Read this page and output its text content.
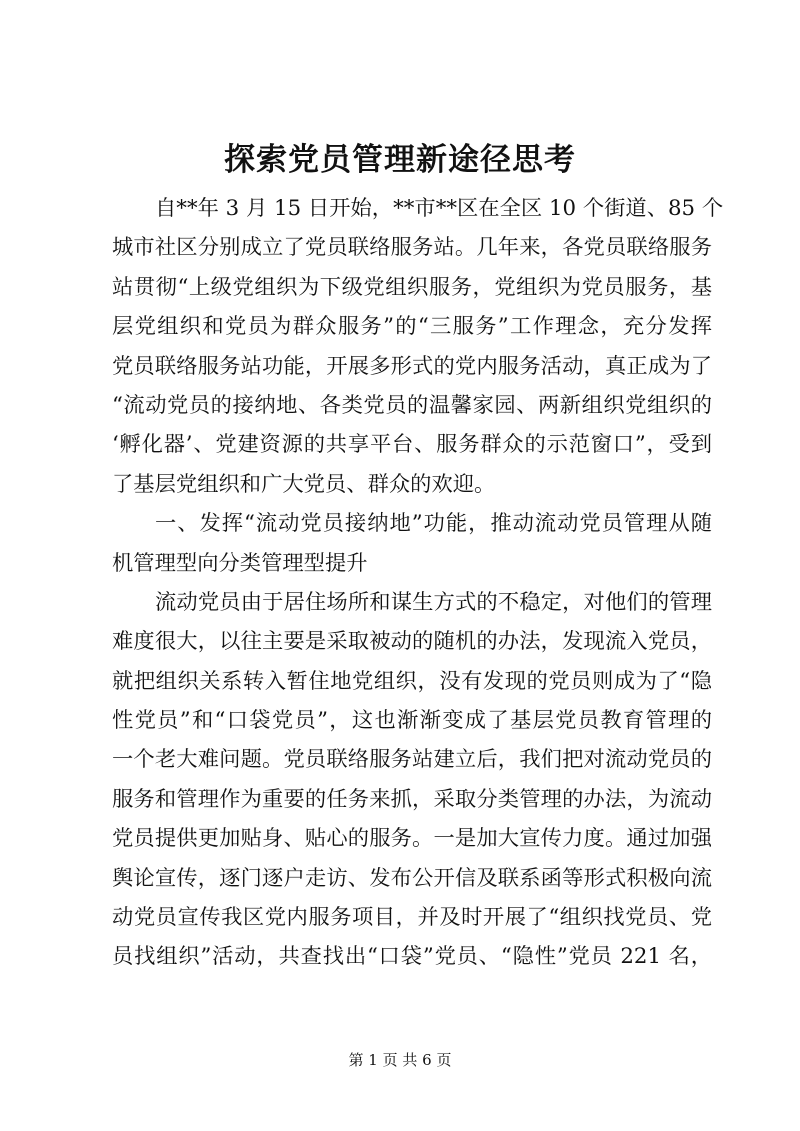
探索党员管理新途径思考
自**年 3 月 15 日开始，**市**区在全区 10 个街道、85 个
城市社区分别成立了党员联络服务站。几年来，各党员联络服务
站贯彻“上级党组织为下级党组织服务，党组织为党员服务，基
层党组织和党员为群众服务”的“三服务”工作理念，充分发挥
党员联络服务站功能，开展多形式的党内服务活动，真正成为了
“流动党员的接纳地、各类党员的温馨家园、两新组织党组织的
‘孵化器’、党建资源的共享平台、服务群众的示范窗口”，受到
了基层党组织和广大党员、群众的欢迎。
一、发挥“流动党员接纳地”功能，推动流动党员管理从随
机管理型向分类管理型提升
流动党员由于居住场所和谋生方式的不稳定，对他们的管理
难度很大，以往主要是采取被动的随机的办法，发现流入党员，
就把组织关系转入暂住地党组织，没有发现的党员则成为了“隐
性党员”和“口袋党员”，这也渐渐变成了基层党员教育管理的
一个老大难问题。党员联络服务站建立后，我们把对流动党员的
服务和管理作为重要的任务来抓，采取分类管理的办法，为流动
党员提供更加贴身、贴心的服务。一是加大宣传力度。通过加强
舆论宣传，逐门逐户走访、发布公开信及联系函等形式积极向流
动党员宣传我区党内服务项目，并及时开展了“组织找党员、党
员找组织”活动，共查找出“口袋”党员、“隐性”党员 221 名，
第 1 页 共 6 页
